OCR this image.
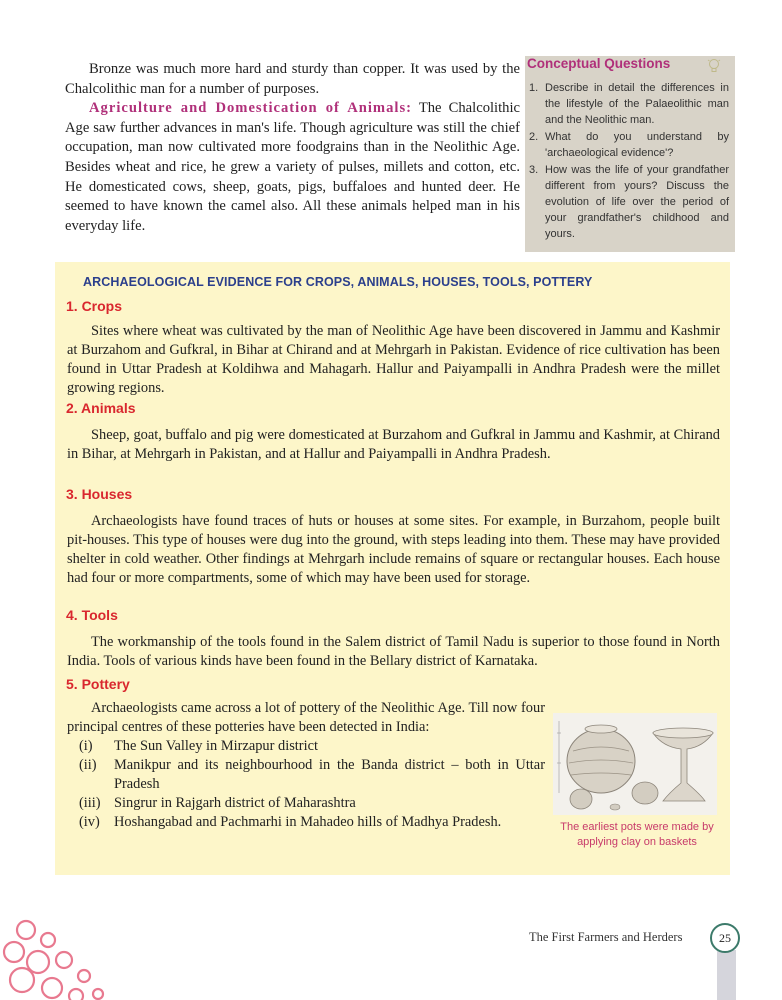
Bronze was much more hard and sturdy than copper. It was used by the Chalcolithic man for a number of purposes.

Agriculture and Domestication of Animals: The Chalcolithic Age saw further advances in man's life. Though agriculture was still the chief occupation, man now cultivated more foodgrains than in the Neolithic Age. Besides wheat and rice, he grew a variety of pulses, millets and cotton, etc. He domesticated cows, sheep, goats, pigs, buffaloes and hunted deer. He seemed to have known the camel also. All these animals helped man in his everyday life.

Conceptual Questions
1. Describe in detail the differences in the lifestyle of the Palaeolithic man and the Neolithic man.
2. What do you understand by 'archaeological evidence'?
3. How was the life of your grandfather different from yours? Discuss the evolution of life over the period of your grandfather's childhood and yours.
ARCHAEOLOGICAL EVIDENCE FOR CROPS, ANIMALS, HOUSES, TOOLS, POTTERY
1. Crops

Sites where wheat was cultivated by the man of Neolithic Age have been discovered in Jammu and Kashmir at Burzahom and Gufkral, in Bihar at Chirand and at Mehrgarh in Pakistan. Evidence of rice cultivation has been found in Uttar Pradesh at Koldihwa and Mahagarh. Hallur and Paiyampalli in Andhra Pradesh were the millet growing regions.

2. Animals

Sheep, goat, buffalo and pig were domesticated at Burzahom and Gufkral in Jammu and Kashmir, at Chirand in Bihar, at Mehrgarh in Pakistan, and at Hallur and Paiyampalli in Andhra Pradesh.

3. Houses

Archaeologists have found traces of huts or houses at some sites. For example, in Burzahom, people built pit-houses. This type of houses were dug into the ground, with steps leading into them. These may have provided shelter in cold weather. Other findings at Mehrgarh include remains of square or rectangular houses. Each house had four or more compartments, some of which may have been used for storage.

4. Tools

The workmanship of the tools found in the Salem district of Tamil Nadu is superior to those found in North India. Tools of various kinds have been found in the Bellary district of Karnataka.

5. Pottery

Archaeologists came across a lot of pottery of the Neolithic Age. Till now four principal centres of these potteries have been detected in India:

(i)	The Sun Valley in Mirzapur district
(ii)	Manikpur and its neighbourhood in the Banda district – both in Uttar Pradesh
(iii) Singrur in Rajgarh district of Maharashtra
(iv) Hoshangabad and Pachmarhi in Mahadeo hills of Madhya Pradesh.	The earliest pots were made by applying clay on baskets
The First Farmers and Herders	25
